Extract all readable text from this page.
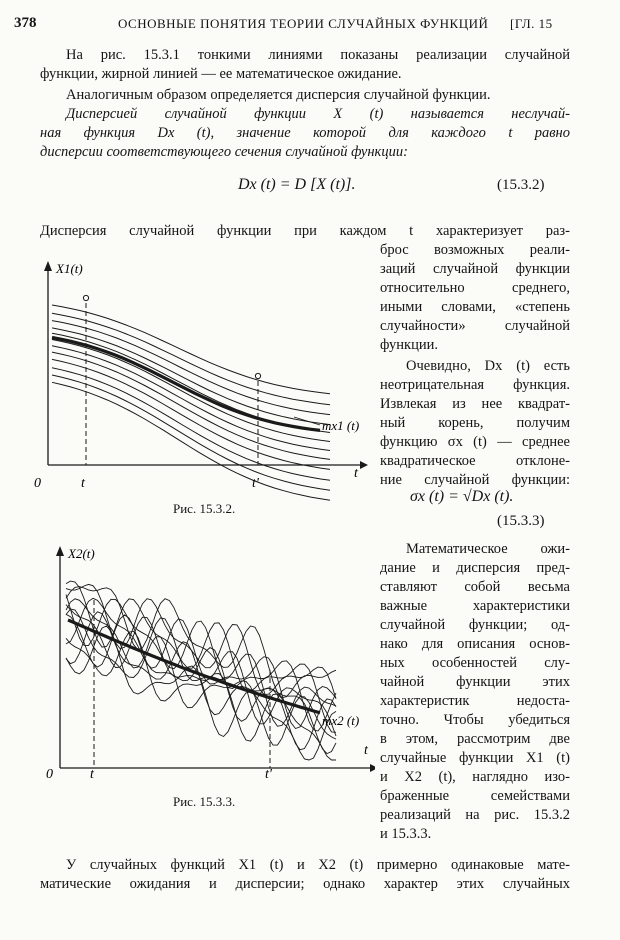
378	ОСНОВНЫЕ ПОНЯТИЯ ТЕОРИИ СЛУЧАЙНЫХ ФУНКЦИЙ [ГЛ. 15
На рис. 15.3.1 тонкими линиями показаны реализации случайной
функции, жирной линией — ее математическое ожидание.
Аналогичным образом определяется дисперсия случайной функции.
Дисперсией случайной функции X (t) называется неслучай-
ная функция Dx (t), значение которой для каждого t равно
дисперсии соответствующего сечения случайной функции:
Dx (t) = D [X (t)].	(15.3.2)
Дисперсия случайной функции при каждом t характеризует раз-
брос возможных реали-
заций случайной функции
относительно среднего,
иными словами, «степень
случайности» случайной
функции.
Очевидно, Dx (t) есть
неотрицательная функция.
Извлекая из нее квадрат-
ный корень, получим
функцию σx (t) — среднее
квадратическое отклоне-
ние случайной функции:
σx (t) = √Dx (t).
(15.3.3)
Математическое ожи-
дание и дисперсия пред-
ставляют собой весьма
важные характеристики
случайной функции; од-
нако для описания основ-
ных особенностей слу-
чайной функции этих
характеристик недоста-
точно. Чтобы убедиться
в этом, рассмотрим две
случайные функции X1 (t)
и X2 (t), наглядно изо-
браженные семействами
реализаций на рис. 15.3.2
и 15.3.3.
У случайных функций X1 (t) и X2 (t) примерно одинаковые мате-
матические ожидания и дисперсии; однако характер этих случайных
X1(t)
mx1 (t)
t
0	t	t'
Рис. 15.3.2.
X2(t)
mx2 (t)
t
0	t	t'
Рис. 15.3.3.
